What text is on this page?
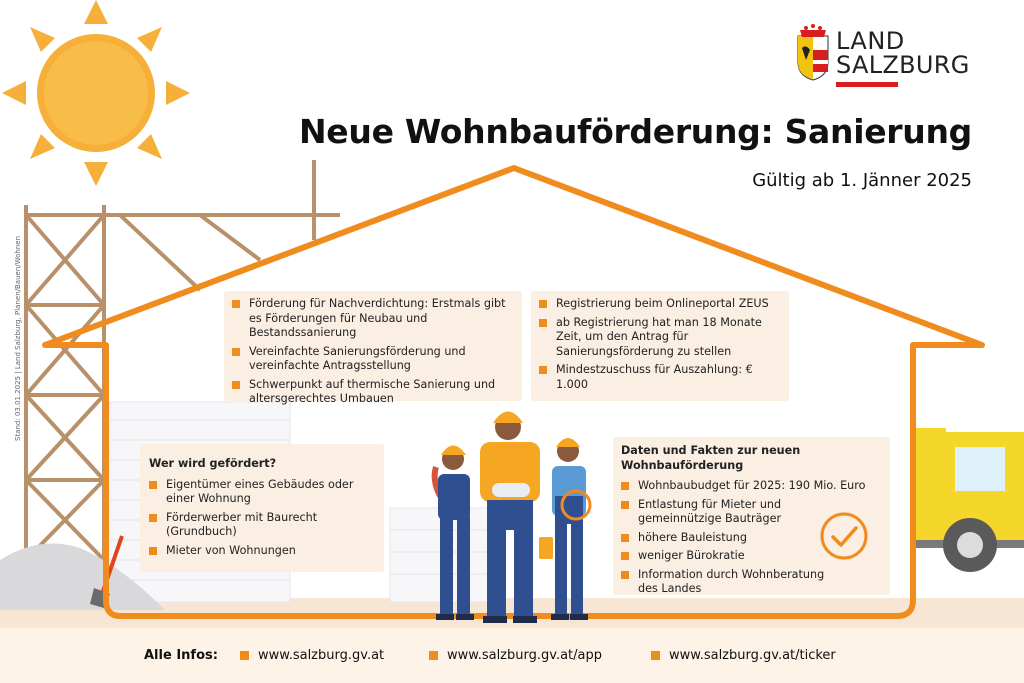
Stand: 03.01.2025 | Land Salzburg, Planen/Bauen/Wohnen
LAND
SALZBURG
Neue Wohnbauförderung: Sanierung
Gültig ab 1. Jänner 2025
Förderung für Nachverdichtung: Erstmals gibt es Förderungen für Neubau und Bestandssanierung
Vereinfachte Sanierungsförderung und vereinfachte Antragsstellung
Schwerpunkt auf thermische Sanierung und altersgerechtes Umbauen
Registrierung beim Onlineportal ZEUS
ab Registrierung hat man 18 Monate Zeit, um den Antrag für Sanierungsförderung zu stellen
Mindestzuschuss für Auszahlung: € 1.000
Wer wird gefördert?
Eigentümer eines Gebäudes oder einer Wohnung
Förderwerber mit Baurecht (Grundbuch)
Mieter von Wohnungen
Daten und Fakten zur neuen Wohnbauförderung
Wohnbaubudget für 2025: 190 Mio. Euro
Entlastung für Mieter und gemeinnützige Bauträger
höhere Bauleistung
weniger Bürokratie
Information durch Wohnberatung des Landes
Alle Infos:	www.salzburg.gv.at	www.salzburg.gv.at/app	www.salzburg.gv.at/ticker
